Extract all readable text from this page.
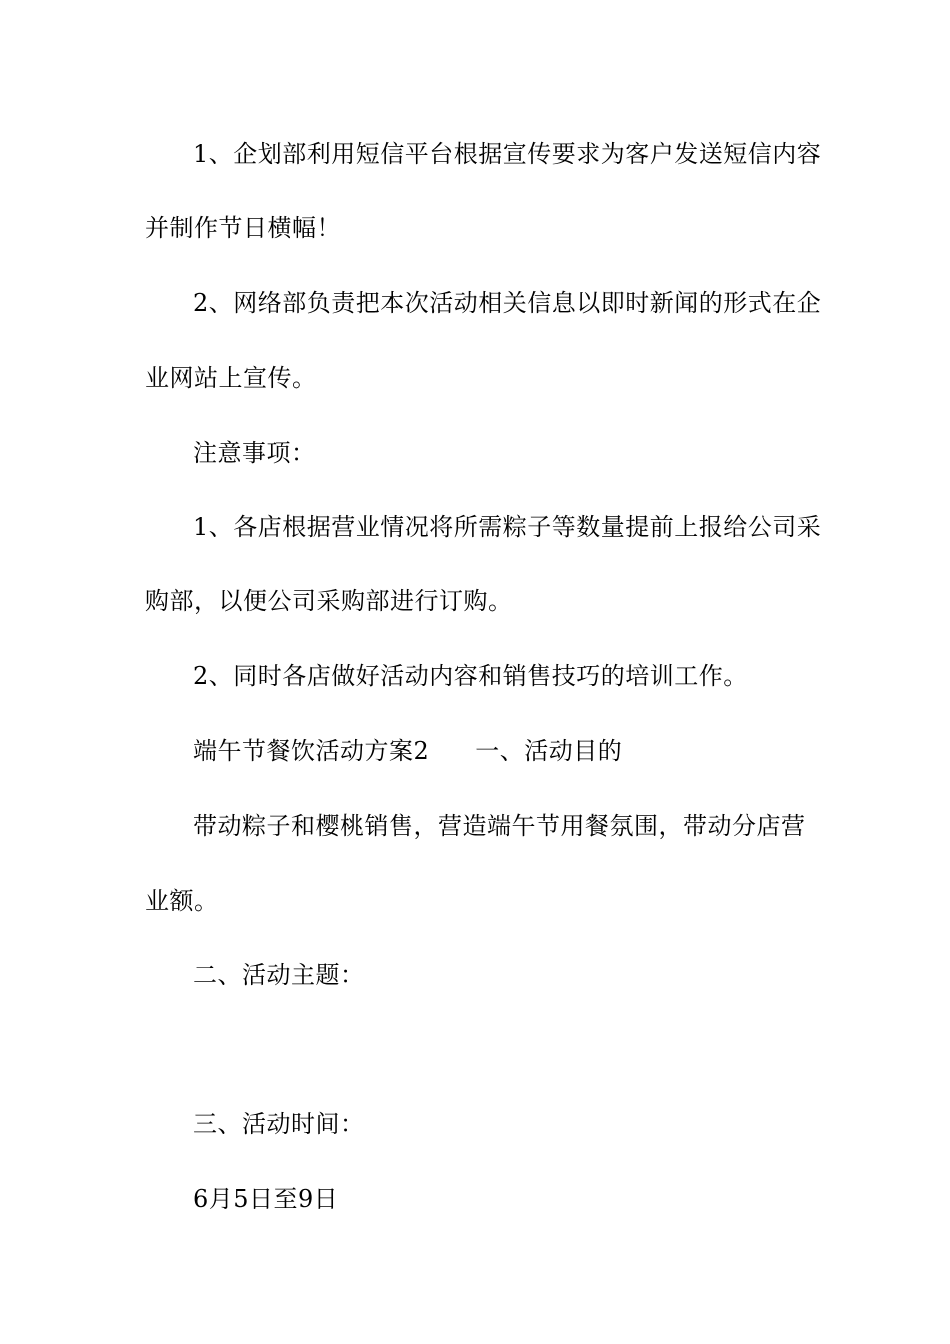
1、企划部利用短信平台根据宣传要求为客户发送短信内容
并制作节日横幅！
2、网络部负责把本次活动相关信息以即时新闻的形式在企
业网站上宣传。
注意事项：
1、各店根据营业情况将所需粽子等数量提前上报给公司采
购部，以便公司采购部进行订购。
2、同时各店做好活动内容和销售技巧的培训工作。
端午节餐饮活动方案2 一、活动目的
带动粽子和樱桃销售，营造端午节用餐氛围，带动分店营
业额。
二、活动主题：
三、活动时间：
6月5日至9日
